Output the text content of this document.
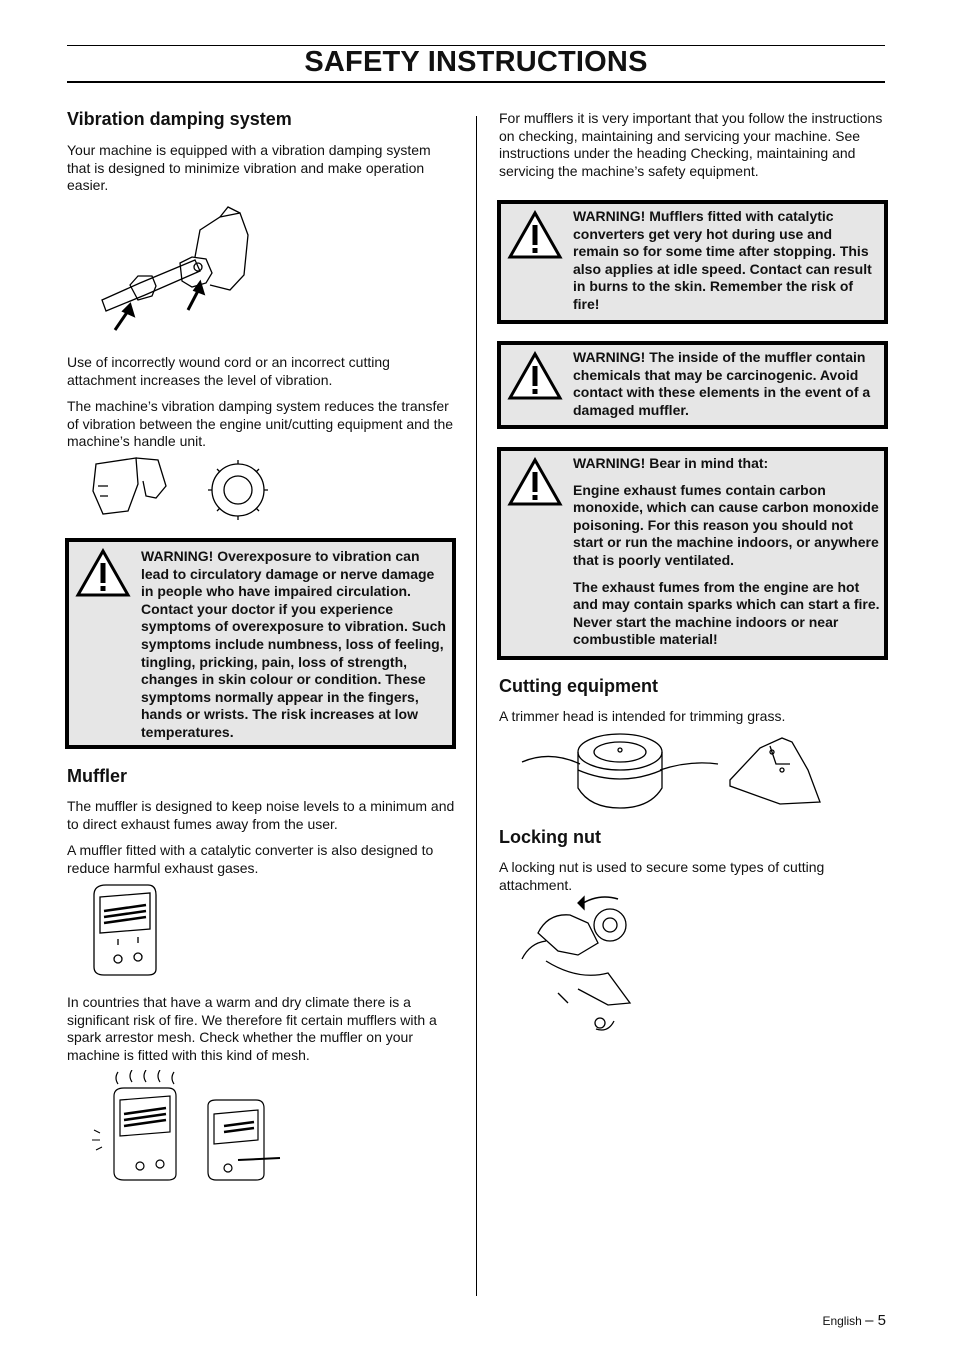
SAFETY INSTRUCTIONS
Vibration damping system
Your machine is equipped with a vibration damping system that is designed to minimize vibration and make operation easier.
Use of incorrectly wound cord or an incorrect cutting attachment increases the level of vibration.
The machine’s vibration damping system reduces the transfer of vibration between the engine unit/cutting equipment and the machine’s handle unit.
WARNING! Overexposure to vibration can lead to circulatory damage or nerve damage in people who have impaired circulation. Contact your doctor if you experience symptoms of overexposure to vibration. Such symptoms include numbness, loss of feeling, tingling, pricking, pain, loss of strength, changes in skin colour or condition. These symptoms normally appear in the fingers, hands or wrists. The risk increases at low temperatures.
Muffler
The muffler is designed to keep noise levels to a minimum and to direct exhaust fumes away from the user.
A muffler fitted with a catalytic converter is also designed to reduce harmful exhaust gases.
In countries that have a warm and dry climate there is a significant risk of fire. We therefore fit certain mufflers with a spark arrestor mesh. Check whether the muffler on your machine is fitted with this kind of mesh.
For mufflers it is very important that you follow the instructions on checking, maintaining and servicing your machine. See instructions under the heading Checking, maintaining and servicing the machine’s safety equipment.
WARNING! Mufflers fitted with catalytic converters get very hot during use and remain so for some time after stopping. This also applies at idle speed. Contact can result in burns to the skin. Remember the risk of fire!
WARNING! The inside of the muffler contain chemicals that may be carcinogenic. Avoid contact with these elements in the event of a damaged muffler.

WARNING! Bear in mind that:

Engine exhaust fumes contain carbon monoxide, which can cause carbon monoxide poisoning. For this reason you should not start or run the machine indoors, or anywhere that is poorly ventilated.

The exhaust fumes from the engine are hot and may contain sparks which can start a fire. Never start the machine indoors or near combustible material!

Cutting equipment
A trimmer head is intended for trimming grass.
Locking nut
A locking nut is used to secure some types of cutting attachment.
English – 5
